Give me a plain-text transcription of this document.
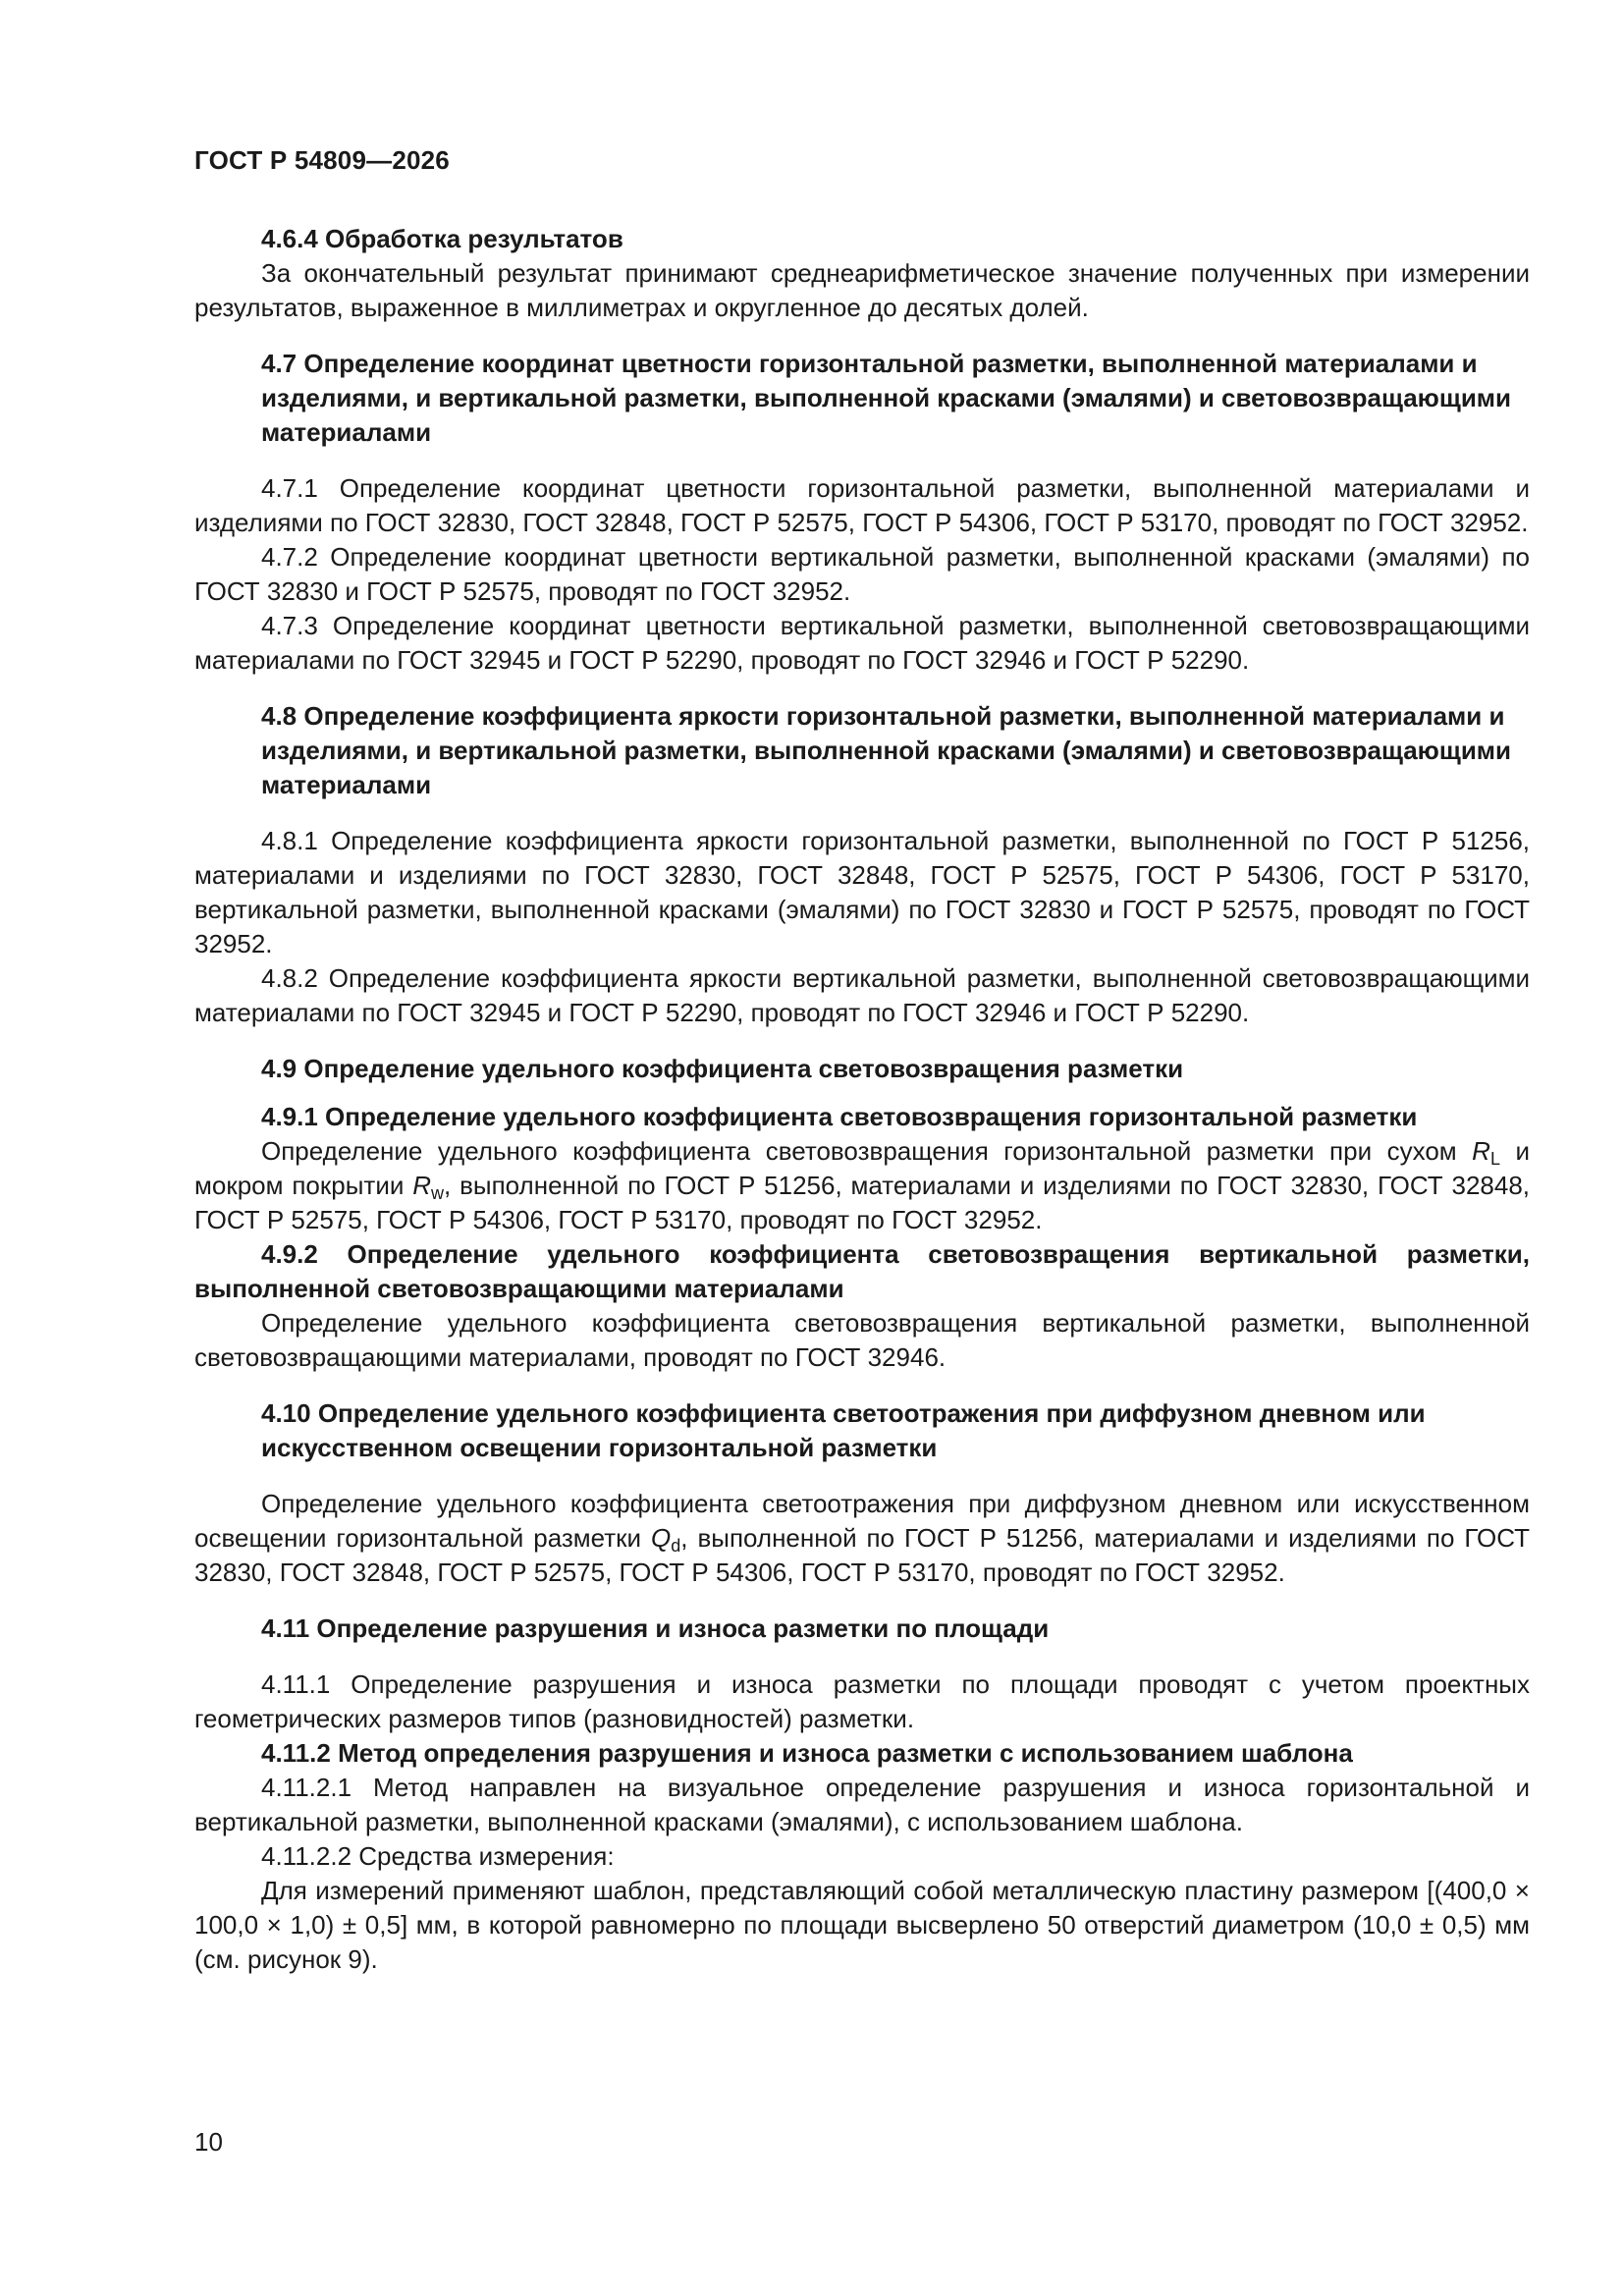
ГОСТ Р 54809—2026
4.6.4 Обработка результатов
За окончательный результат принимают среднеарифметическое значение полученных при измерении результатов, выраженное в миллиметрах и округленное до десятых долей.
4.7 Определение координат цветности горизонтальной разметки, выполненной материалами и изделиями, и вертикальной разметки, выполненной красками (эмалями) и световозвращающими материалами
4.7.1 Определение координат цветности горизонтальной разметки, выполненной материалами и изделиями по ГОСТ 32830, ГОСТ 32848, ГОСТ Р 52575, ГОСТ Р 54306, ГОСТ Р 53170, проводят по ГОСТ 32952.
4.7.2 Определение координат цветности вертикальной разметки, выполненной красками (эмалями) по ГОСТ 32830 и ГОСТ Р 52575, проводят по ГОСТ 32952.
4.7.3 Определение координат цветности вертикальной разметки, выполненной световозвращающими материалами по ГОСТ 32945 и ГОСТ Р 52290, проводят по ГОСТ 32946 и ГОСТ Р 52290.
4.8 Определение коэффициента яркости горизонтальной разметки, выполненной материалами и изделиями, и вертикальной разметки, выполненной красками (эмалями) и световозвращающими материалами
4.8.1 Определение коэффициента яркости горизонтальной разметки, выполненной по ГОСТ Р 51256, материалами и изделиями по ГОСТ 32830, ГОСТ 32848, ГОСТ Р 52575, ГОСТ Р 54306, ГОСТ Р 53170, вертикальной разметки, выполненной красками (эмалями) по ГОСТ 32830 и ГОСТ Р 52575, проводят по ГОСТ 32952.
4.8.2 Определение коэффициента яркости вертикальной разметки, выполненной световозвращающими материалами по ГОСТ 32945 и ГОСТ Р 52290, проводят по ГОСТ 32946 и ГОСТ Р 52290.
4.9 Определение удельного коэффициента световозвращения разметки
4.9.1 Определение удельного коэффициента световозвращения горизонтальной разметки
Определение удельного коэффициента световозвращения горизонтальной разметки при сухом $R_L$ и мокром покрытии $R_w$, выполненной по ГОСТ Р 51256, материалами и изделиями по ГОСТ 32830, ГОСТ 32848, ГОСТ Р 52575, ГОСТ Р 54306, ГОСТ Р 53170, проводят по ГОСТ 32952.
4.9.2 Определение удельного коэффициента световозвращения вертикальной разметки, выполненной световозвращающими материалами
Определение удельного коэффициента световозвращения вертикальной разметки, выполненной световозвращающими материалами, проводят по ГОСТ 32946.
4.10 Определение удельного коэффициента светоотражения при диффузном дневном или искусственном освещении горизонтальной разметки
Определение удельного коэффициента светоотражения при диффузном дневном или искусственном освещении горизонтальной разметки $Q_d$, выполненной по ГОСТ Р 51256, материалами и изделиями по ГОСТ 32830, ГОСТ 32848, ГОСТ Р 52575, ГОСТ Р 54306, ГОСТ Р 53170, проводят по ГОСТ 32952.
4.11 Определение разрушения и износа разметки по площади
4.11.1 Определение разрушения и износа разметки по площади проводят с учетом проектных геометрических размеров типов (разновидностей) разметки.
4.11.2 Метод определения разрушения и износа разметки с использованием шаблона
4.11.2.1 Метод направлен на визуальное определение разрушения и износа горизонтальной и вертикальной разметки, выполненной красками (эмалями), с использованием шаблона.
4.11.2.2 Средства измерения:
Для измерений применяют шаблон, представляющий собой металлическую пластину размером [(400,0 × 100,0 × 1,0) ± 0,5] мм, в которой равномерно по площади высверлено 50 отверстий диаметром (10,0 ± 0,5) мм (см. рисунок 9).
10
